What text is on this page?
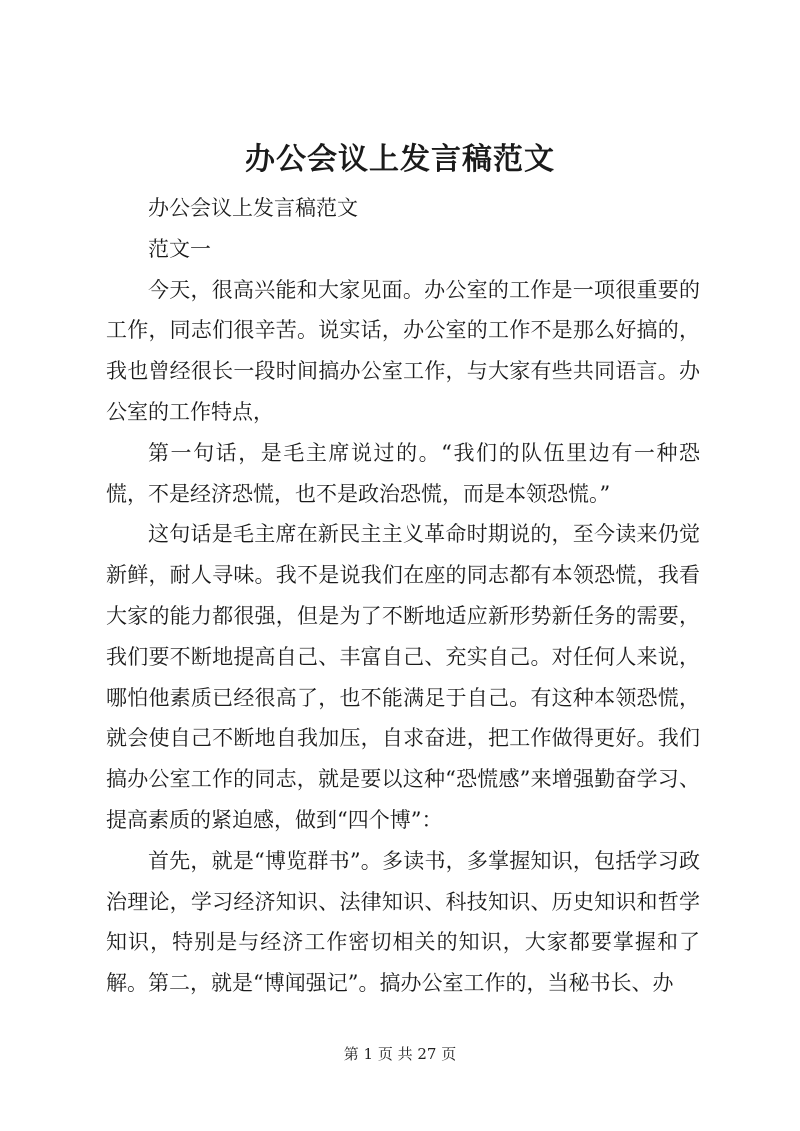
办公会议上发言稿范文

办公会议上发言稿范文

范文一

今天，很高兴能和大家见面。办公室的工作是一项很重要的工作，同志们很辛苦。说实话，办公室的工作不是那么好搞的，我也曾经很长一段时间搞办公室工作，与大家有些共同语言。办公室的工作特点，

第一句话，是毛主席说过的。“我们的队伍里边有一种恐慌，不是经济恐慌，也不是政治恐慌，而是本领恐慌。”

这句话是毛主席在新民主主义革命时期说的，至今读来仍觉新鲜，耐人寻味。我不是说我们在座的同志都有本领恐慌，我看大家的能力都很强，但是为了不断地适应新形势新任务的需要，我们要不断地提高自己、丰富自己、充实自己。对任何人来说，哪怕他素质已经很高了，也不能满足于自己。有这种本领恐慌，就会使自己不断地自我加压，自求奋进，把工作做得更好。我们搞办公室工作的同志，就是要以这种“恐慌感”来增强勤奋学习、提高素质的紧迫感，做到“四个博”：

首先，就是“博览群书”。多读书，多掌握知识，包括学习政治理论，学习经济知识、法律知识、科技知识、历史知识和哲学知识，特别是与经济工作密切相关的知识，大家都要掌握和了解。第二，就是“博闻强记”。搞办公室工作的，当秘书长、办

第 1 页 共 27 页
